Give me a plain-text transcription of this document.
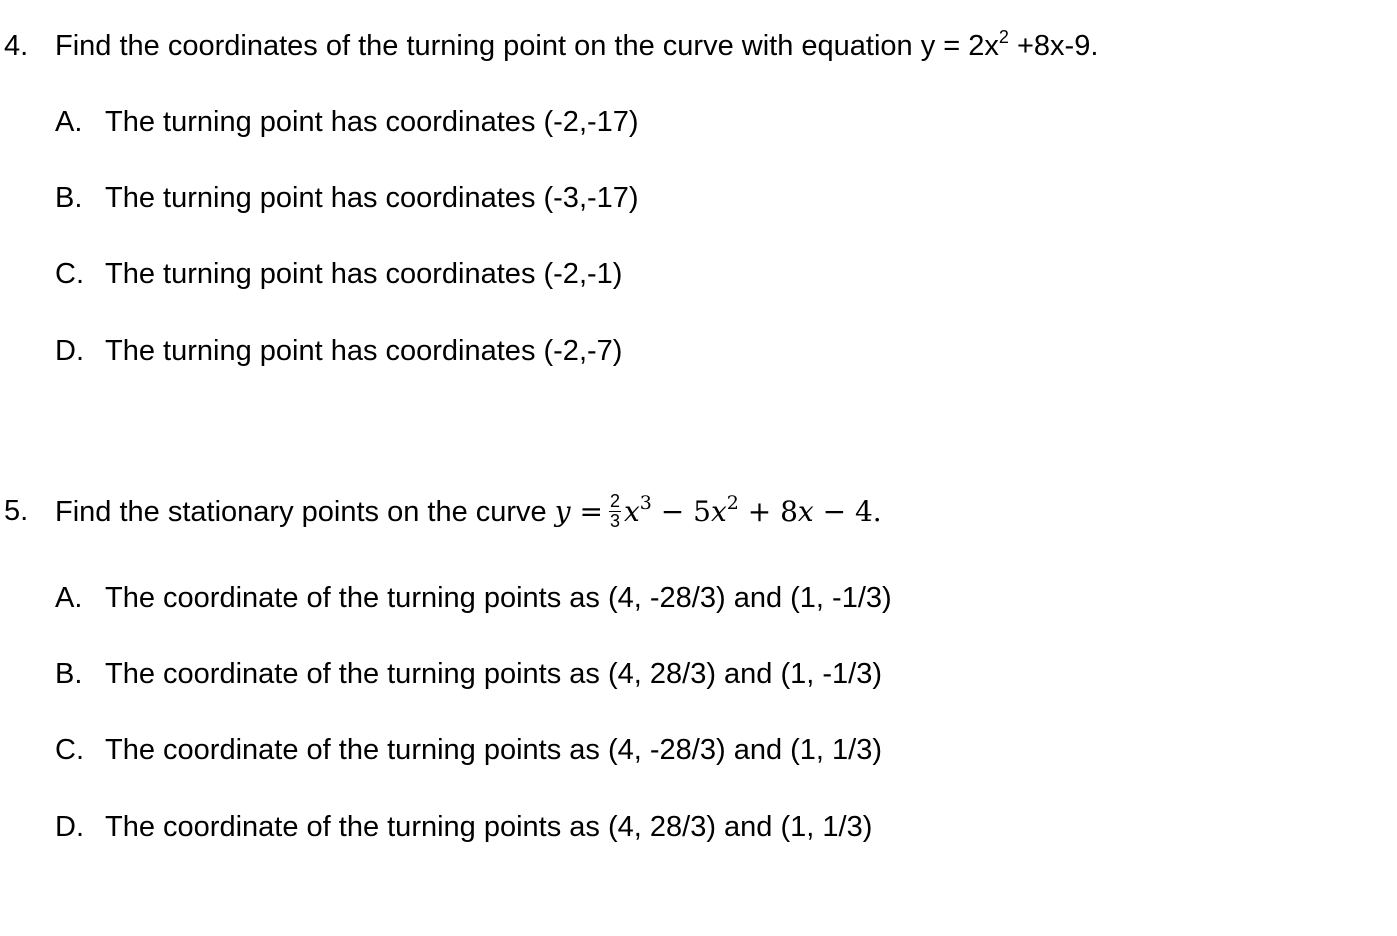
4. Find the coordinates of the turning point on the curve with equation $y = 2x^2 +8x-9$.
A. The turning point has coordinates (-2,-17)
B. The turning point has coordinates (-3,-17)
C. The turning point has coordinates (-2,-1)
D. The turning point has coordinates (-2,-7)
5. Find the stationary points on the curve $y = \frac{2}{3} x^3 - 5x^2 + 8x - 4$.
A. The coordinate of the turning points as (4, -28/3) and (1, -1/3)
B. The coordinate of the turning points as (4, 28/3) and (1, -1/3)
C. The coordinate of the turning points as (4, -28/3) and (1, 1/3)
D. The coordinate of the turning points as (4, 28/3) and (1, 1/3)
